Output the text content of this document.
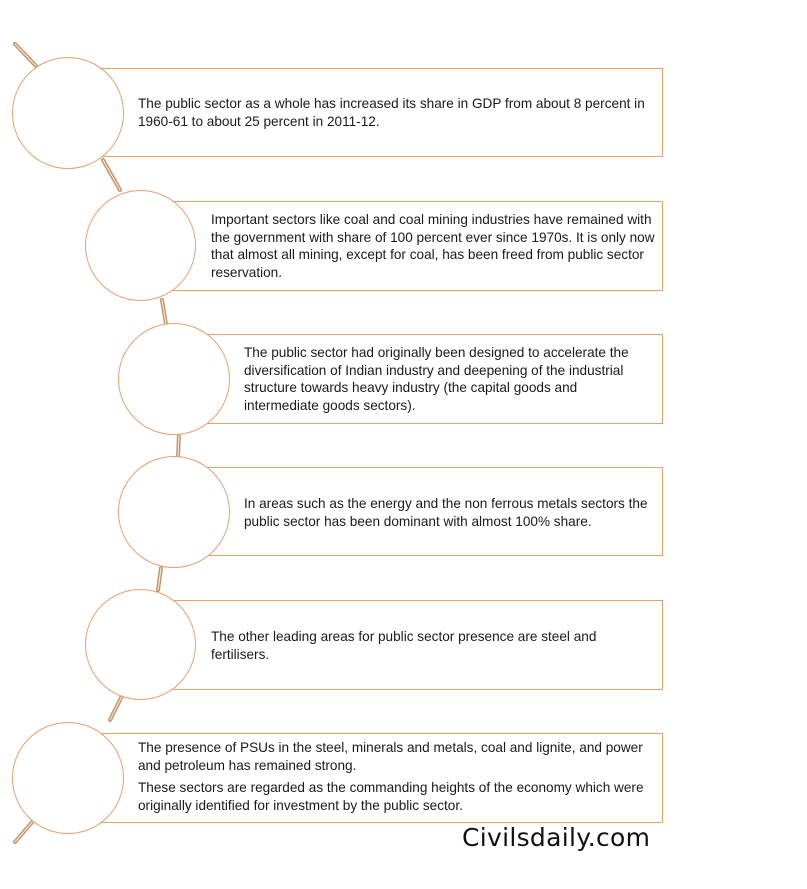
The public sector as a whole has increased its share in GDP from about 8 percent in 1960-61 to about 25 percent in 2011-12.

Important sectors like coal and coal mining industries have remained with the government with share of 100 percent ever since 1970s. It is only now that almost all mining, except for coal, has been freed from public sector reservation.

The public sector had originally been designed to accelerate the diversification of Indian industry and deepening of the industrial structure towards heavy industry (the capital goods and intermediate goods sectors).

In areas such as the energy and the non ferrous metals sectors the public sector has been dominant with almost 100% share.

The other leading areas for public sector presence are steel and fertilisers.

The presence of PSUs in the steel, minerals and metals, coal and lignite, and power and petroleum has remained strong.

These sectors are regarded as the commanding heights of the economy which were originally identified for investment by the public sector.

Civilsdaily.com
